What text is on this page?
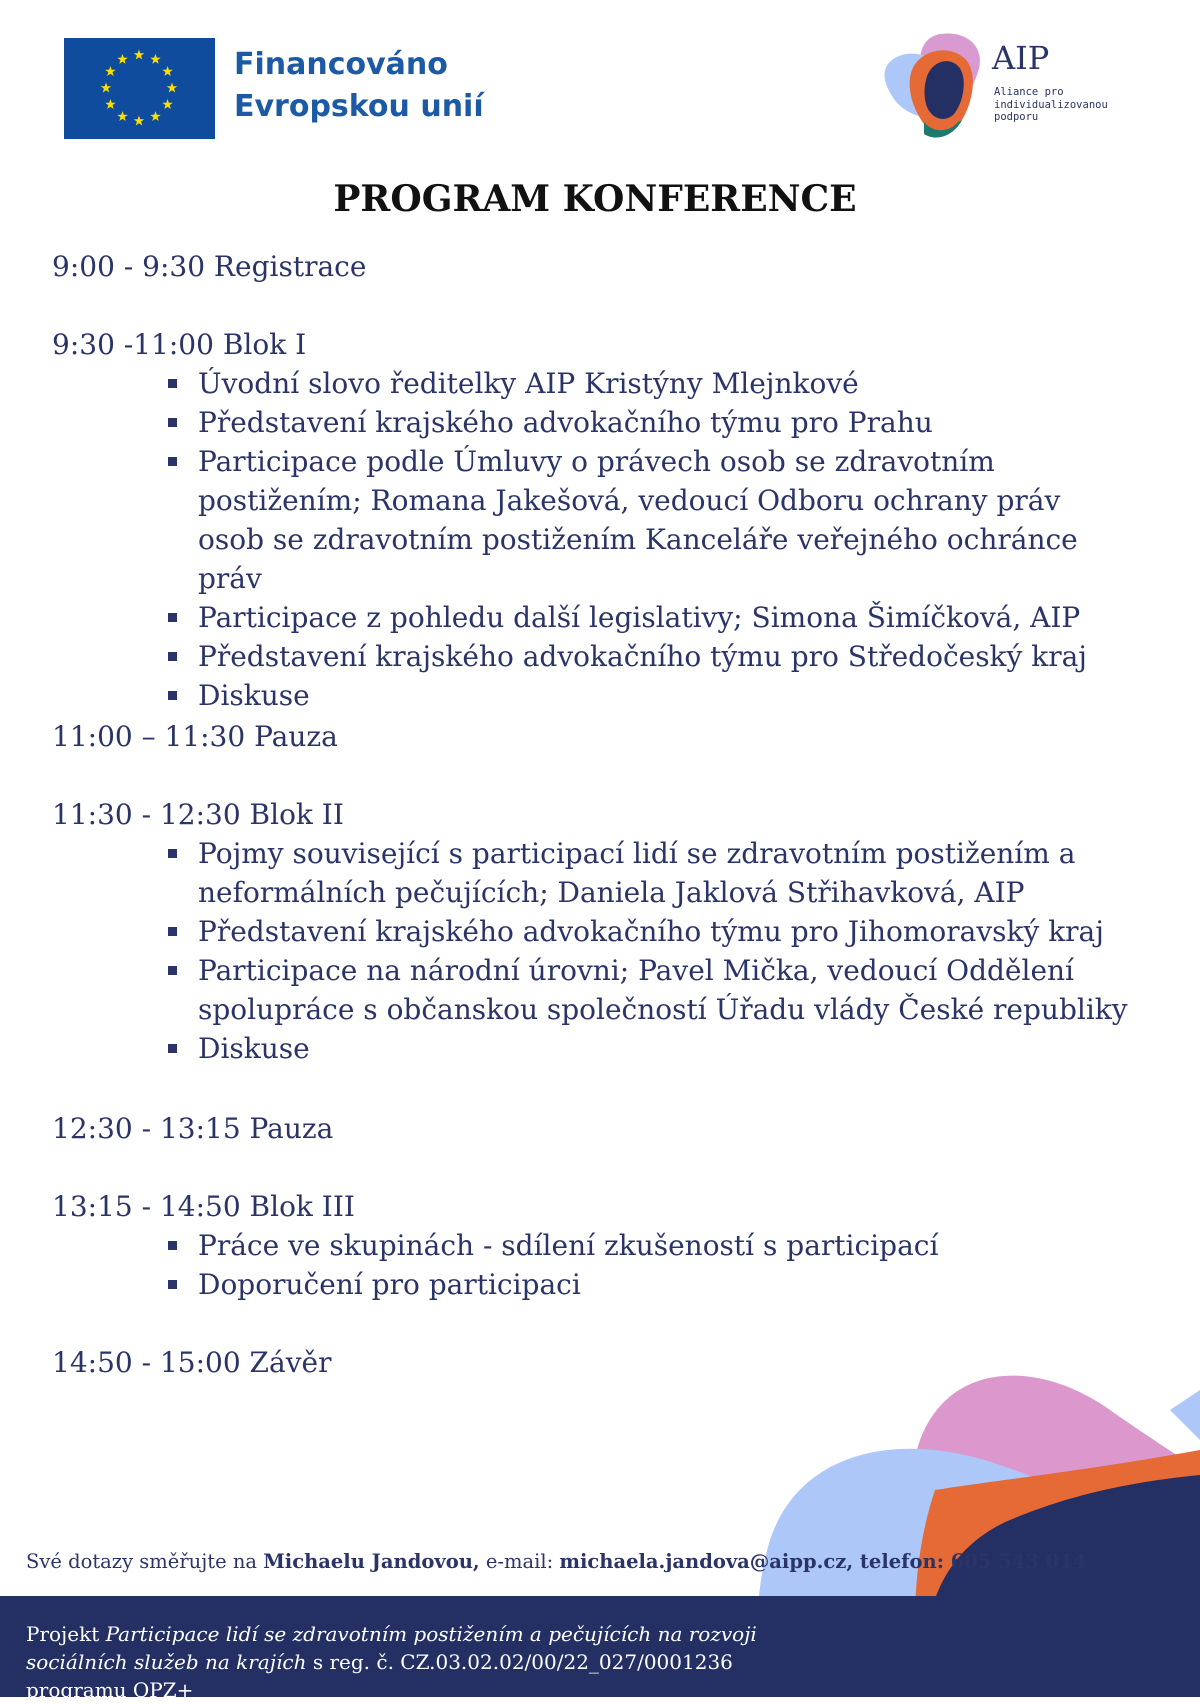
Financováno
Evropskou unií
AIP
Aliance pro
individualizovanou
podporu
PROGRAM KONFERENCE
9:00 - 9:30 Registrace
9:30 -11:00 Blok I
Úvodní slovo ředitelky AIP Kristýny Mlejnkové
Představení krajského advokačního týmu pro Prahu
Participace podle Úmluvy o právech osob se zdravotním postižením; Romana Jakešová, vedoucí Odboru ochrany práv osob se zdravotním postižením Kanceláře veřejného ochránce práv
Participace z pohledu další legislativy; Simona Šimíčková, AIP
Představení krajského advokačního týmu pro Středočeský kraj
Diskuse
11:00 – 11:30 Pauza
11:30 - 12:30 Blok II
Pojmy související s participací lidí se zdravotním postižením a neformálních pečujících; Daniela Jaklová Střihavková, AIP
Představení krajského advokačního týmu pro Jihomoravský kraj
Participace na národní úrovni; Pavel Mička, vedoucí Oddělení spolupráce s občanskou společností Úřadu vlády České republiky
Diskuse
12:30 - 13:15 Pauza
13:15 - 14:50 Blok III
Práce ve skupinách - sdílení zkušeností s participací
Doporučení pro participaci
14:50 - 15:00 Závěr
Své dotazy směřujte na Michaelu Jandovou, e-mail: michaela.jandova@aipp.cz, telefon: 605 543 014
Projekt Participace lidí se zdravotním postižením a pečujících na rozvoji sociálních služeb na krajích s reg. č. CZ.03.02.02/00/22_027/0001236 programu OPZ+
